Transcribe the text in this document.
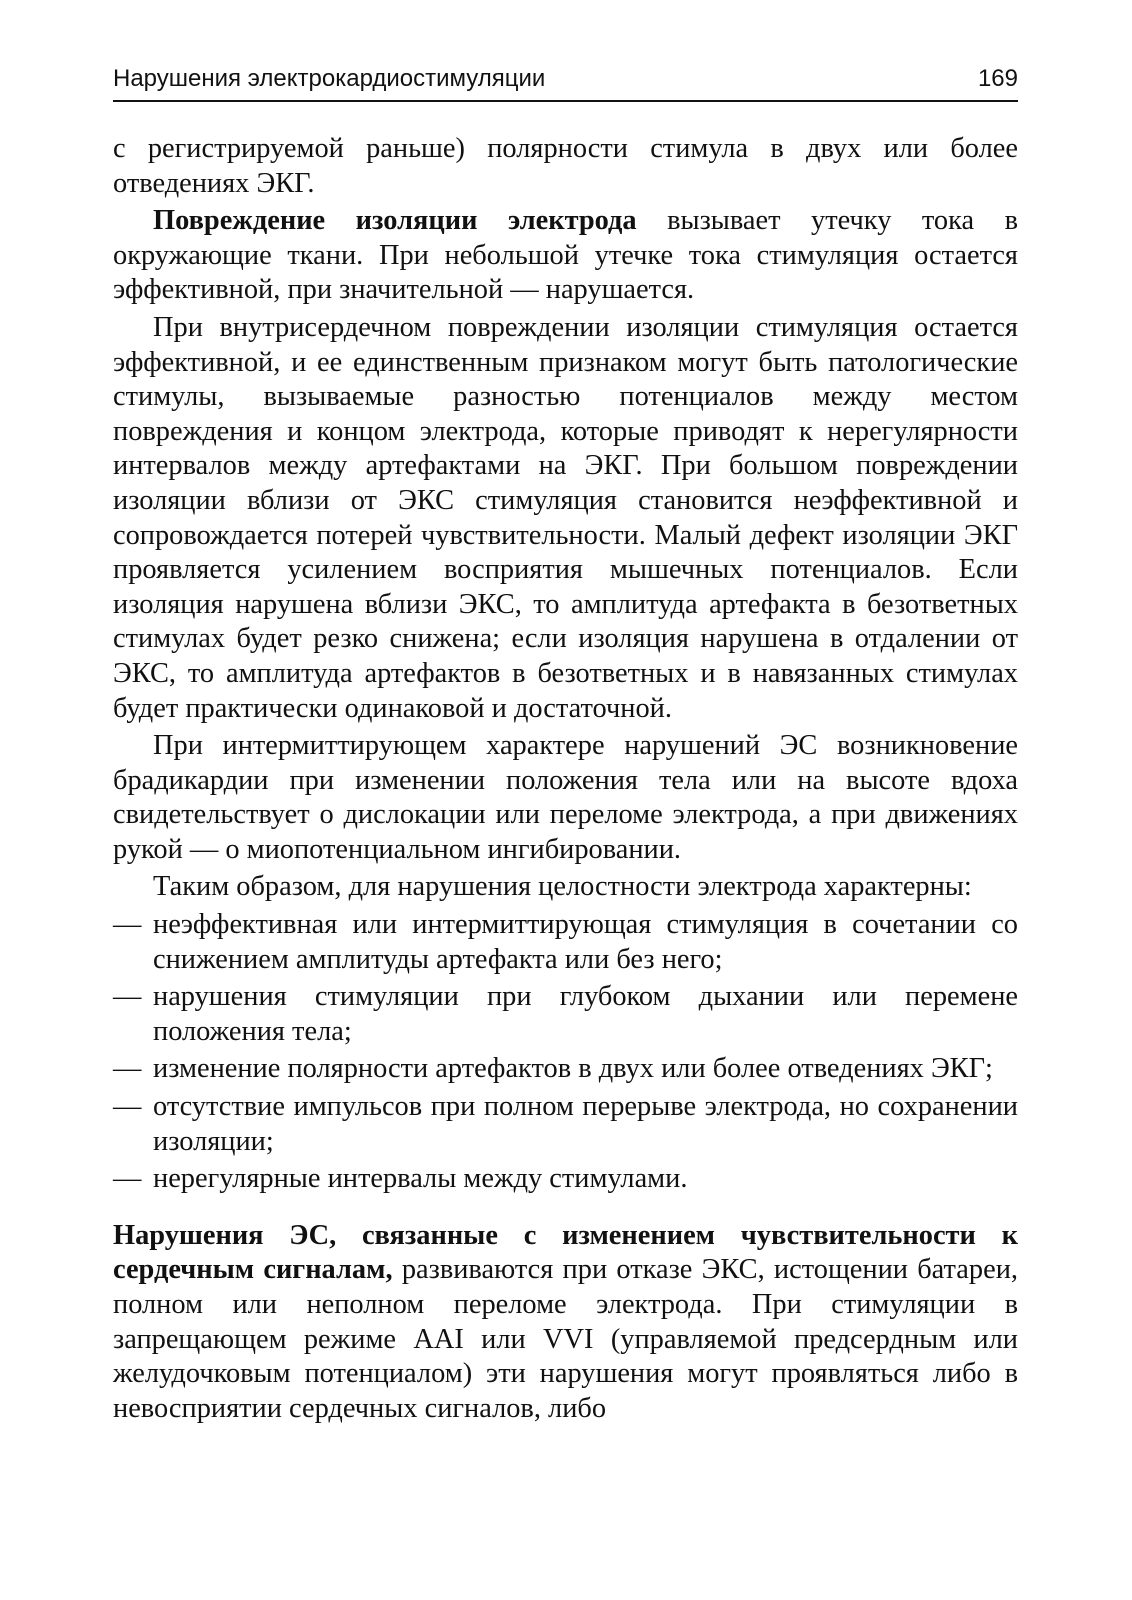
Нарушения электрокардиостимуляции	169

с регистрируемой раньше) полярности стимула в двух или более отведениях ЭКГ.

Повреждение изоляции электрода вызывает утечку тока в окружающие ткани. При небольшой утечке тока стимуляция остается эффективной, при значительной — нарушается.

При внутрисердечном повреждении изоляции стимуляция остается эффективной, и ее единственным признаком могут быть патологические стимулы, вызываемые разностью потенциалов между местом повреждения и концом электрода, которые приводят к нерегулярности интервалов между артефактами на ЭКГ. При большом повреждении изоляции вблизи от ЭКС стимуляция становится неэффективной и сопровождается потерей чувствительности. Малый дефект изоляции ЭКГ проявляется усилением восприятия мышечных потенциалов. Если изоляция нарушена вблизи ЭКС, то амплитуда артефакта в безответных стимулах будет резко снижена; если изоляция нарушена в отдалении от ЭКС, то амплитуда артефактов в безответных и в навязанных стимулах будет практически одинаковой и достаточной.

При интермиттирующем характере нарушений ЭС возникновение брадикардии при изменении положения тела или на высоте вдоха свидетельствует о дислокации или переломе электрода, а при движениях рукой — о миопотенциальном ингибировании.

Таким образом, для нарушения целостности электрода характерны:

— неэффективная или интермиттирующая стимуляция в сочетании со снижением амплитуды артефакта или без него;
— нарушения стимуляции при глубоком дыхании или перемене положения тела;
— изменение полярности артефактов в двух или более отведениях ЭКГ;
— отсутствие импульсов при полном перерыве электрода, но сохранении изоляции;
— нерегулярные интервалы между стимулами.

Нарушения ЭС, связанные с изменением чувствительности к сердечным сигналам, развиваются при отказе ЭКС, истощении батареи, полном или неполном переломе электрода. При стимуляции в запрещающем режиме AAI или VVI (управляемой предсердным или желудочковым потенциалом) эти нарушения могут проявляться либо в невосприятии сердечных сигналов, либо
